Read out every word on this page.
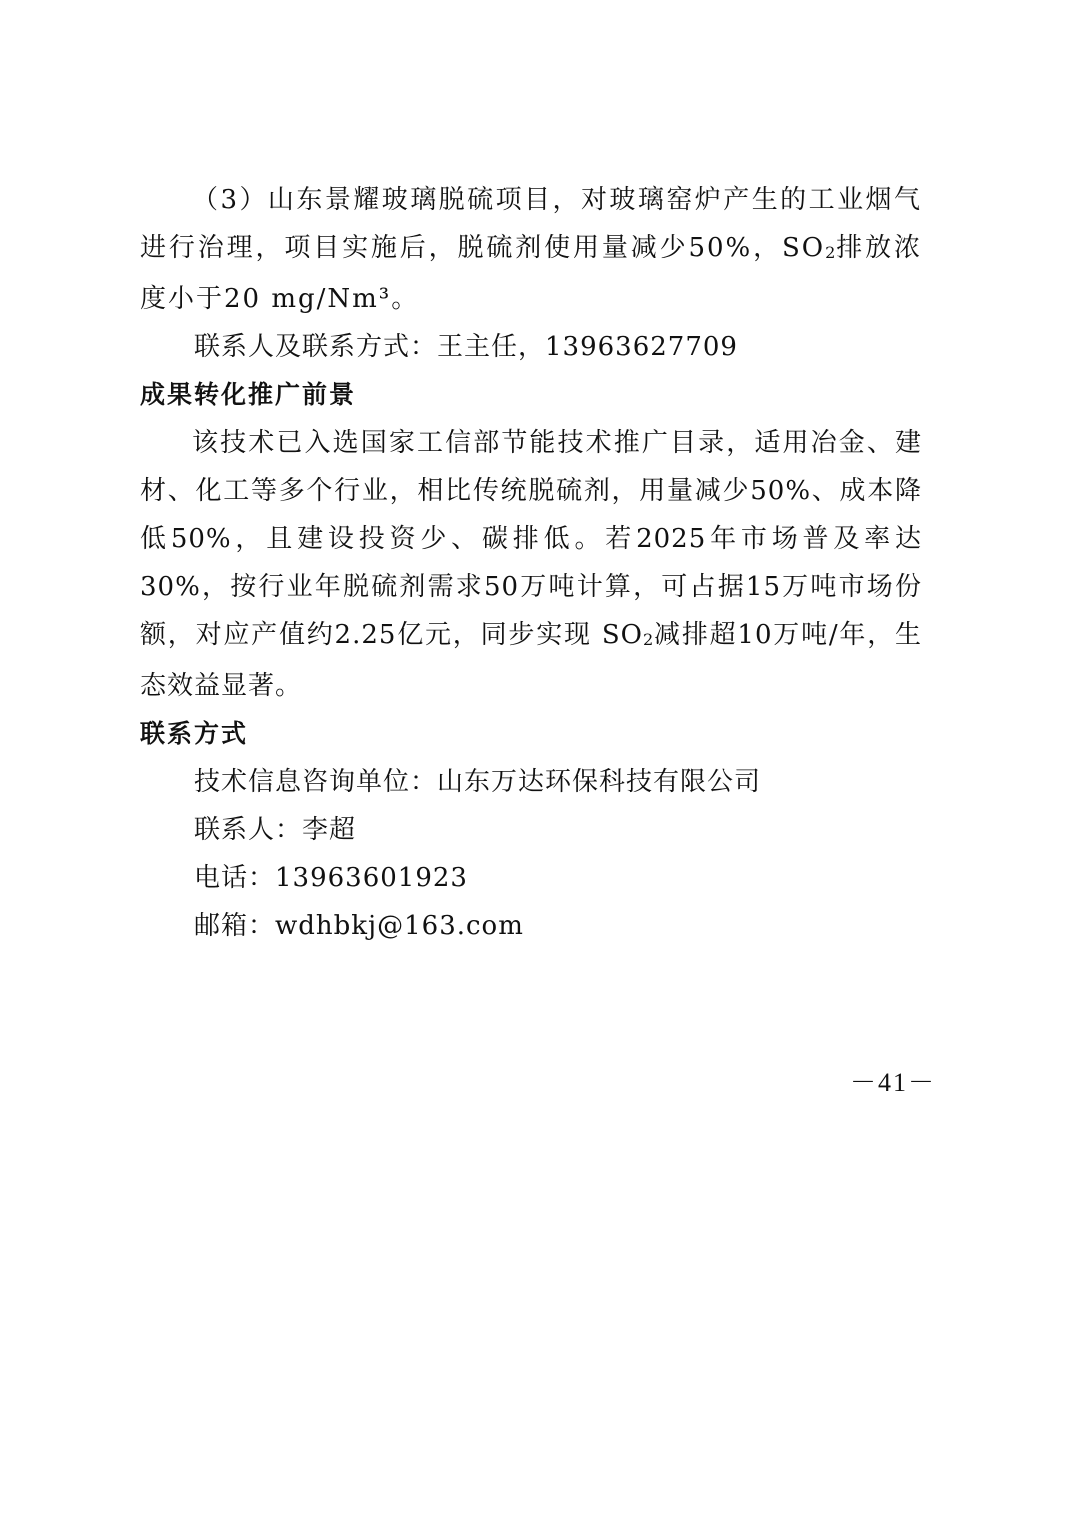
（3）山东景耀玻璃脱硫项目，对玻璃窑炉产生的工业烟气进行治理，项目实施后，脱硫剂使用量减少50%，$SO_2$排放浓度小于20 mg/Nm³。

联系人及联系方式：王主任，13963627709

成果转化推广前景

该技术已入选国家工信部节能技术推广目录，适用冶金、建材、化工等多个行业，相比传统脱硫剂，用量减少50%、成本降低50%，且建设投资少、碳排低。若2025年市场普及率达30%，按行业年脱硫剂需求50万吨计算，可占据15万吨市场份额，对应产值约2.25亿元，同步实现 $SO_2$减排超10万吨/年，生态效益显著。

联系方式

技术信息咨询单位：山东万达环保科技有限公司

联系人：李超

电话：13963601923

邮箱：wdhbkj@163.com

－41－
